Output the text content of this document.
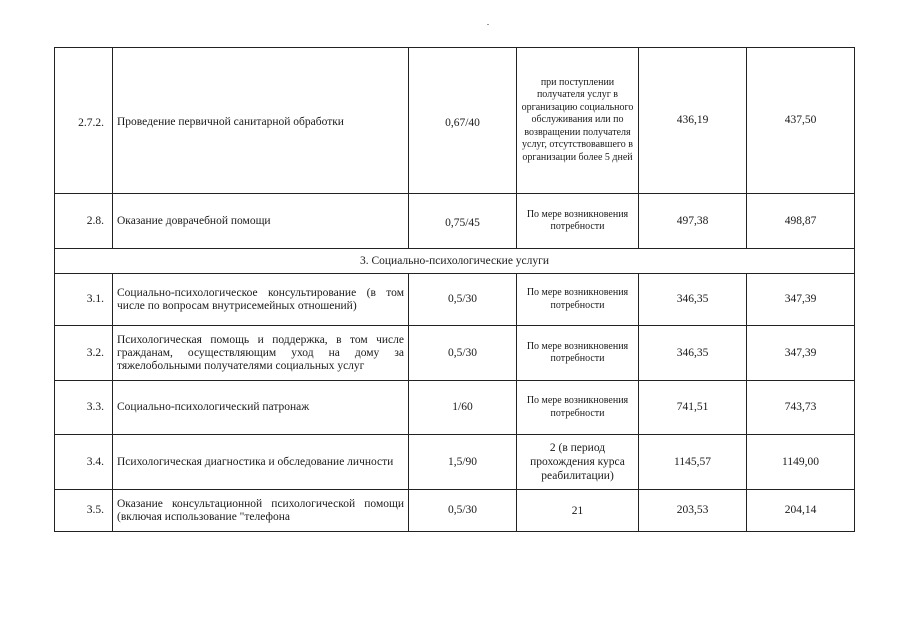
2.7.2.	Проведение первичной санитарной обработки	0,67/40	при поступлении получателя услуг в организацию социального обслуживания или по возвращении получателя услуг, отсутствовавшего в организации более 5 дней	436,19	437,50
2.8.	Оказание доврачебной помощи	0,75/45	По мере возникновения потребности	497,38	498,87
3. Социально-психологические услуги					
3.1.	Социально-психологическое консультирование (в том числе по вопросам внутрисемейных отношений)	0,5/30	По мере возникновения потребности	346,35	347,39
3.2.	Психологическая помощь и поддержка, в том числе гражданам, осуществляющим уход на дому за тяжелобольными получателями социальных услуг	0,5/30	По мере возникновения потребности	346,35	347,39
3.3.	Социально-психологический патронаж	1/60	По мере возникновения потребности	741,51	743,73
3.4.	Психологическая диагностика и обследование личности	1,5/90	2 (в период прохождения курса реабилитации)	1145,57	1149,00
3.5.	Оказание консультационной психологической помощи (включая использование "телефона	0,5/30	21	203,53	204,14
